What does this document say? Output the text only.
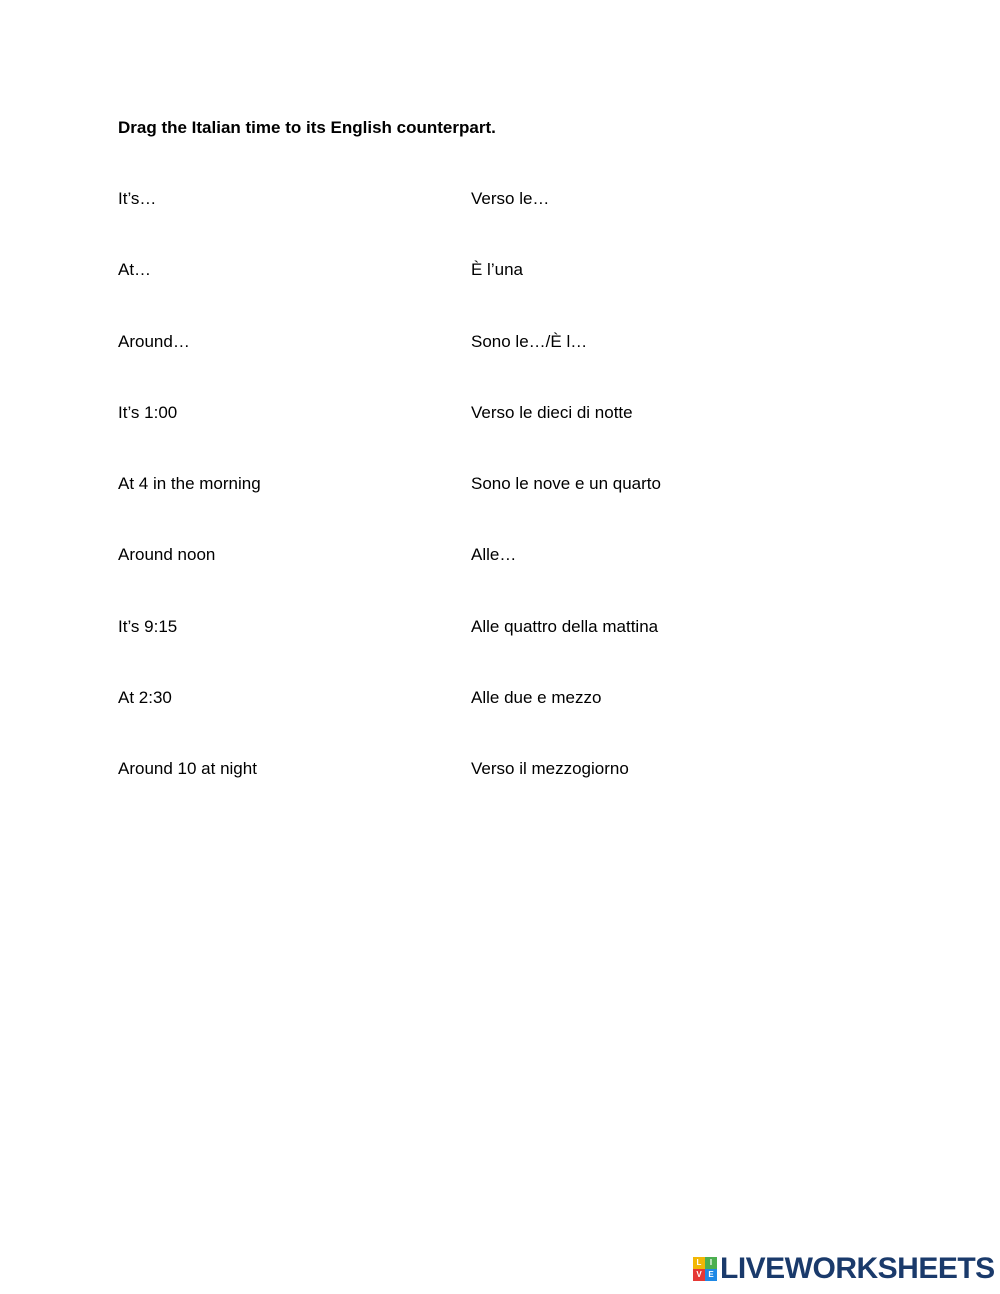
Drag the Italian time to its English counterpart.

It’s…	Verso le…
At…	È l’una
Around…	Sono le…/È l…
It’s 1:00	Verso le dieci di notte
At 4 in the morning	Sono le nove e un quarto
Around noon	Alle…
It’s 9:15	Alle quattro della mattina
At 2:30	Alle due e mezzo
Around 10 at night	Verso il mezzogiorno
L	I
V E LIVEWORKSHEETS
